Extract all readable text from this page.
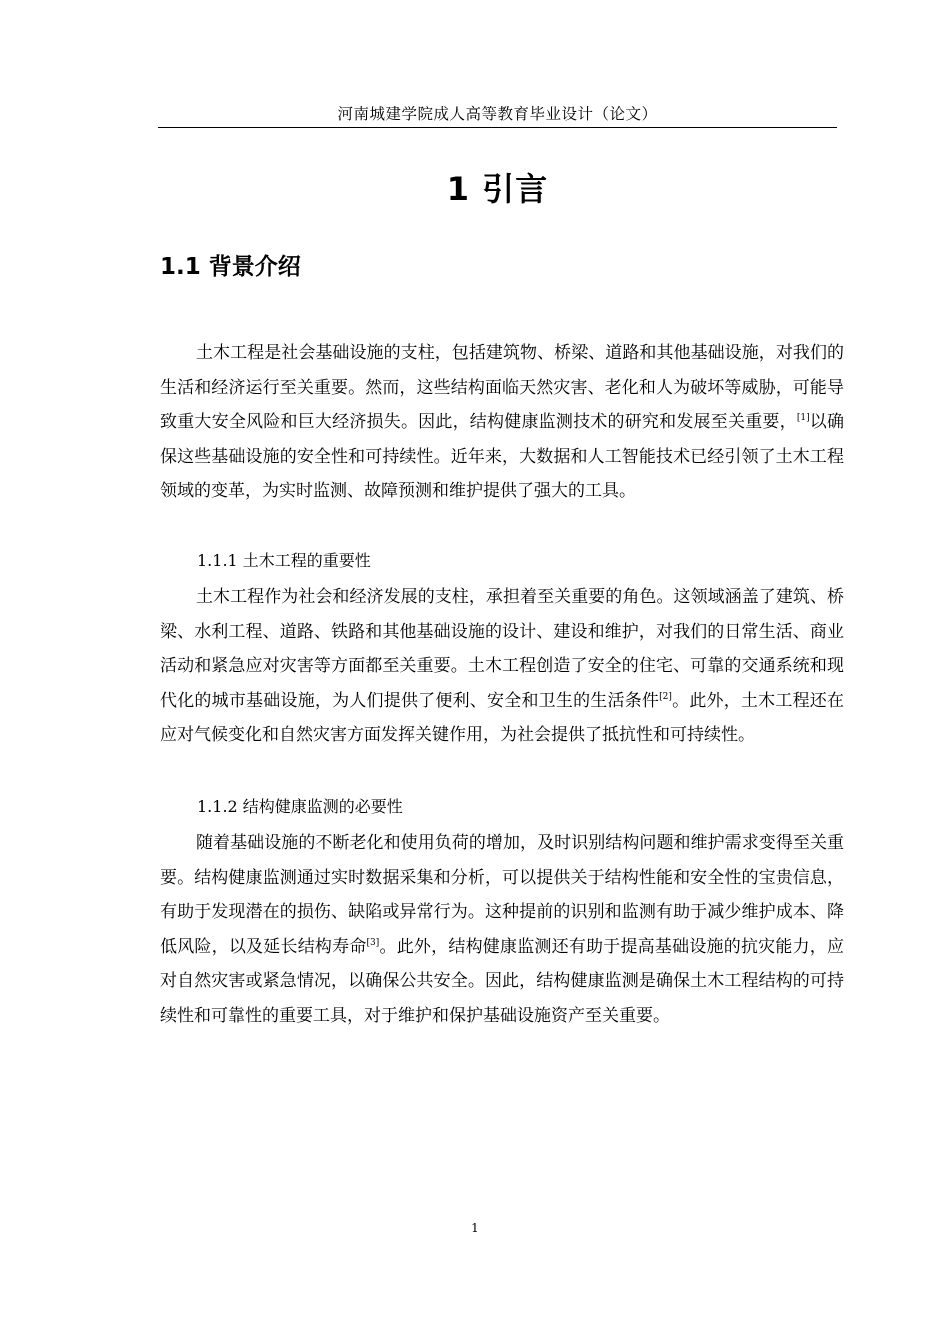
河南城建学院成人高等教育毕业设计（论文）
1 引言
1.1 背景介绍

土木工程是社会基础设施的支柱，包括建筑物、桥梁、道路和其他基础设施，对我们的生活和经济运行至关重要。然而，这些结构面临天然灾害、老化和人为破坏等威胁，可能导致重大安全风险和巨大经济损失。因此，结构健康监测技术的研究和发展至关重要，[1]以确保这些基础设施的安全性和可持续性。近年来，大数据和人工智能技术已经引领了土木工程领域的变革，为实时监测、故障预测和维护提供了强大的工具。

1.1.1 土木工程的重要性

土木工程作为社会和经济发展的支柱，承担着至关重要的角色。这领域涵盖了建筑、桥梁、水利工程、道路、铁路和其他基础设施的设计、建设和维护，对我们的日常生活、商业活动和紧急应对灾害等方面都至关重要。土木工程创造了安全的住宅、可靠的交通系统和现代化的城市基础设施，为人们提供了便利、安全和卫生的生活条件[2]。此外，土木工程还在应对气候变化和自然灾害方面发挥关键作用，为社会提供了抵抗性和可持续性。

1.1.2 结构健康监测的必要性

随着基础设施的不断老化和使用负荷的增加，及时识别结构问题和维护需求变得至关重要。结构健康监测通过实时数据采集和分析，可以提供关于结构性能和安全性的宝贵信息，有助于发现潜在的损伤、缺陷或异常行为。这种提前的识别和监测有助于减少维护成本、降低风险，以及延长结构寿命[3]。此外，结构健康监测还有助于提高基础设施的抗灾能力，应对自然灾害或紧急情况，以确保公共安全。因此，结构健康监测是确保土木工程结构的可持续性和可靠性的重要工具，对于维护和保护基础设施资产至关重要。

1
